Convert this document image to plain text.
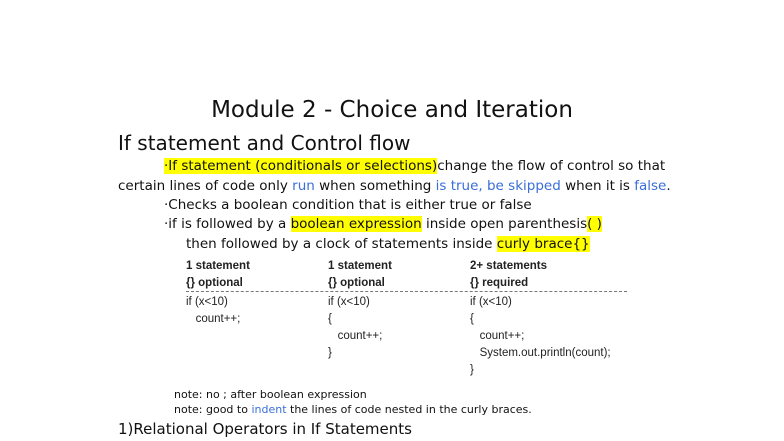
Module 2 - Choice and Iteration
If statement and Control flow
·If statement (conditionals or selections)change the flow of control so that
certain lines of code only run when something is true, be skipped when it is false.
·Checks a boolean condition that is either true or false
·if is followed by a boolean expression inside open parenthesis( )
then followed by a clock of statements inside curly brace{}
1 statement
{} optional
if (x<10)
count++;
1 statement
{} optional
if (x<10)
{
count++;
}
2+ statements
{} required
if (x<10)
{
count++;
System.out.println(count);
}
note: no ; after boolean expression
note: good to indent the lines of code nested in the curly braces.
1)Relational Operators in If Statements
